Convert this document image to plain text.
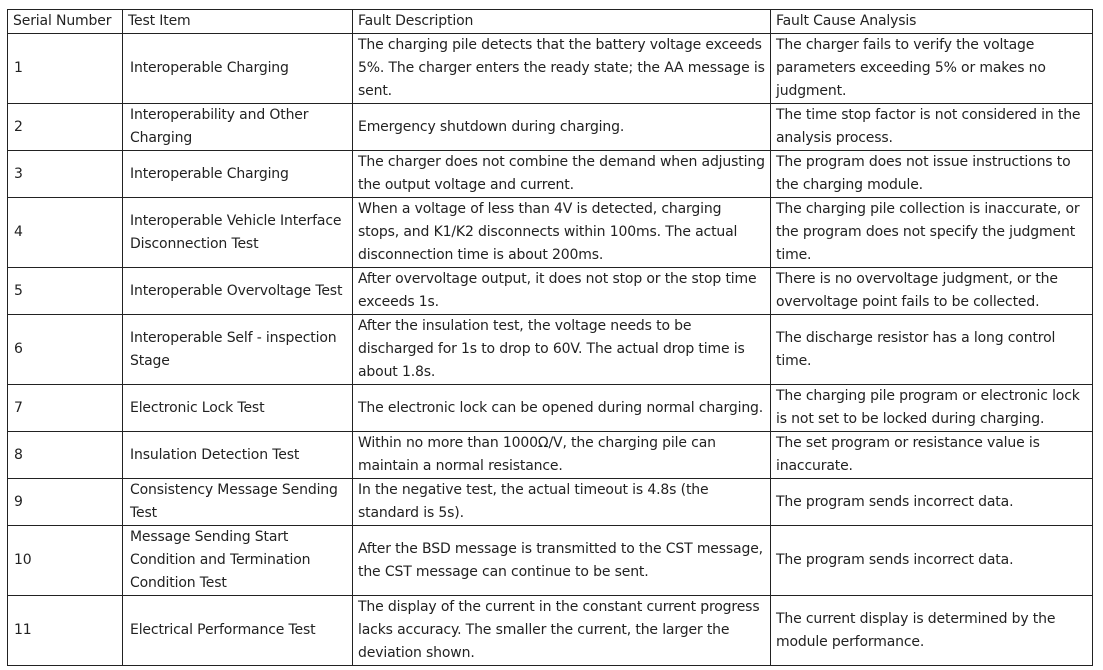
Serial Number	Test Item	Fault Description	Fault Cause Analysis
1	Interoperable Charging	The charging pile detects that the battery voltage exceeds 5%. The charger enters the ready state; the AA message is sent.	The charger fails to verify the voltage parameters exceeding 5% or makes no judgment.
2	Interoperability and Other Charging	Emergency shutdown during charging.	The time stop factor is not considered in the analysis process.
3	Interoperable Charging	The charger does not combine the demand when adjusting the output voltage and current.	The program does not issue instructions to the charging module.
4	Interoperable Vehicle Interface Disconnection Test	When a voltage of less than 4V is detected, charging stops, and K1/K2 disconnects within 100ms. The actual disconnection time is about 200ms.	The charging pile collection is inaccurate, or the program does not specify the judgment time.
5	Interoperable Overvoltage Test	After overvoltage output, it does not stop or the stop time exceeds 1s.	There is no overvoltage judgment, or the overvoltage point fails to be collected.
6	Interoperable Self - inspection Stage	After the insulation test, the voltage needs to be discharged for 1s to drop to 60V. The actual drop time is about 1.8s.	The discharge resistor has a long control time.
7	Electronic Lock Test	The electronic lock can be opened during normal charging.	The charging pile program or electronic lock is not set to be locked during charging.
8	Insulation Detection Test	Within no more than 1000Ω/V, the charging pile can maintain a normal resistance.	The set program or resistance value is inaccurate.
9	Consistency Message Sending Test	In the negative test, the actual timeout is 4.8s (the standard is 5s).	The program sends incorrect data.
10	Message Sending Start Condition and Termination Condition Test	After the BSD message is transmitted to the CST message, the CST message can continue to be sent.	The program sends incorrect data.
11	Electrical Performance Test	The display of the current in the constant current progress lacks accuracy. The smaller the current, the larger the deviation shown.	The current display is determined by the module performance.
